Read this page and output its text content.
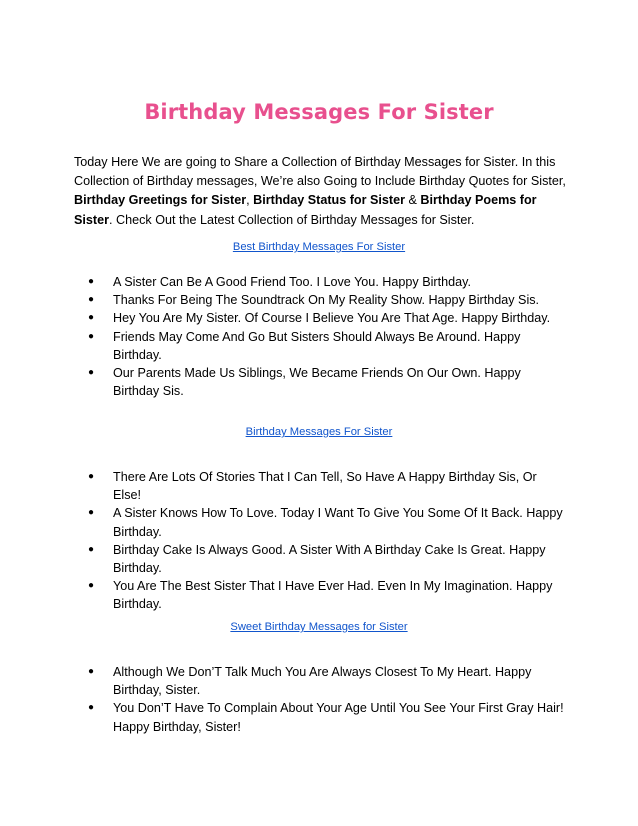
Birthday Messages For Sister
Today Here We are going to Share a Collection of Birthday Messages for Sister. In this Collection of Birthday messages, We’re also Going to Include Birthday Quotes for Sister, Birthday Greetings for Sister, Birthday Status for Sister & Birthday Poems for Sister. Check Out the Latest Collection of Birthday Messages for Sister.
Best Birthday Messages For Sister
● A Sister Can Be A Good Friend Too. I Love You. Happy Birthday.
● Thanks For Being The Soundtrack On My Reality Show. Happy Birthday Sis.
● Hey You Are My Sister. Of Course I Believe You Are That Age. Happy Birthday.
● Friends May Come And Go But Sisters Should Always Be Around. Happy Birthday.
● Our Parents Made Us Siblings, We Became Friends On Our Own. Happy Birthday Sis.
Birthday Messages For Sister
● There Are Lots Of Stories That I Can Tell, So Have A Happy Birthday Sis, Or Else!
● A Sister Knows How To Love. Today I Want To Give You Some Of It Back. Happy Birthday.
● Birthday Cake Is Always Good. A Sister With A Birthday Cake Is Great. Happy Birthday.
● You Are The Best Sister That I Have Ever Had. Even In My Imagination. Happy Birthday.
Sweet Birthday Messages for Sister
● Although We Don’T Talk Much You Are Always Closest To My Heart. Happy Birthday, Sister.
● You Don’T Have To Complain About Your Age Until You See Your First Gray Hair! Happy Birthday, Sister!
